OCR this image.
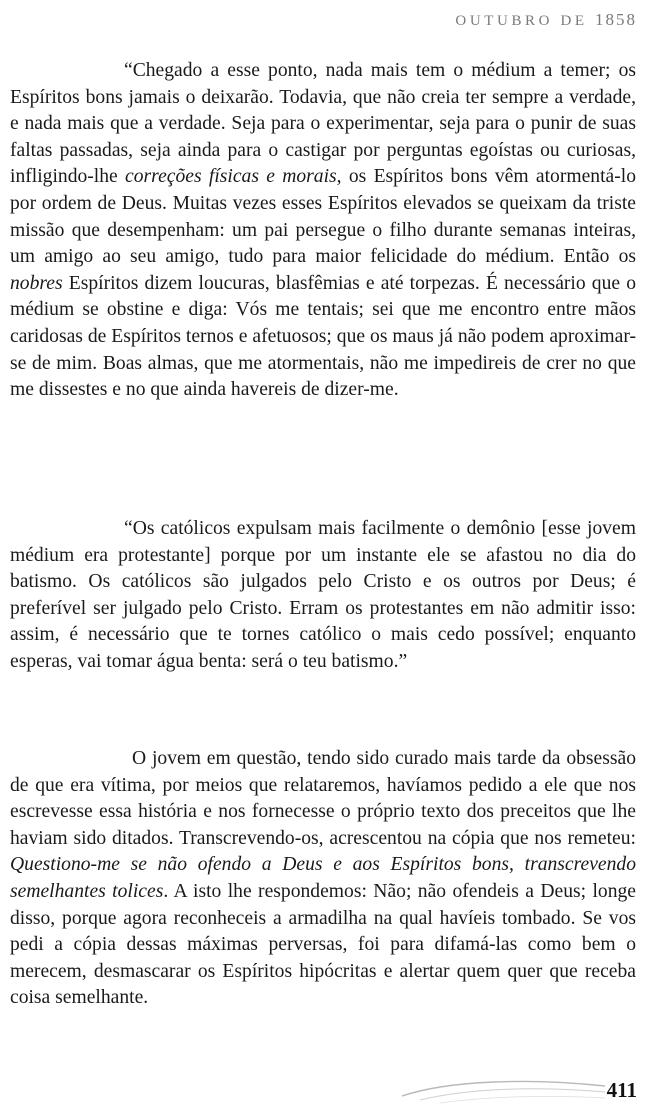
OUTUBRO DE 1858

“Chegado a esse ponto, nada mais tem o médium a temer; os Espíritos bons jamais o deixarão. Todavia, que não creia ter sempre a verdade, e nada mais que a verdade. Seja para o experimentar, seja para o punir de suas faltas passadas, seja ainda para o castigar por perguntas egoístas ou curiosas, infligindo-lhe correções físicas e morais, os Espíritos bons vêm atormentá-lo por ordem de Deus. Muitas vezes esses Espíritos elevados se queixam da triste missão que desempenham: um pai persegue o filho durante semanas inteiras, um amigo ao seu amigo, tudo para maior felicidade do médium. Então os nobres Espíritos dizem loucuras, blasfêmias e até torpezas. É necessário que o médium se obstine e diga: Vós me tentais; sei que me encontro entre mãos caridosas de Espíritos ternos e afetuosos; que os maus já não podem aproximar-se de mim. Boas almas, que me atormentais, não me impedireis de crer no que me dissestes e no que ainda havereis de dizer-me.

“Os católicos expulsam mais facilmente o demônio [esse jovem médium era protestante] porque por um instante ele se afastou no dia do batismo. Os católicos são julgados pelo Cristo e os outros por Deus; é preferível ser julgado pelo Cristo. Erram os protestantes em não admitir isso: assim, é necessário que te tornes católico o mais cedo possível; enquanto esperas, vai tomar água benta: será o teu batismo.”

O jovem em questão, tendo sido curado mais tarde da obsessão de que era vítima, por meios que relataremos, havíamos pedido a ele que nos escrevesse essa história e nos fornecesse o próprio texto dos preceitos que lhe haviam sido ditados. Transcrevendo-os, acrescentou na cópia que nos remeteu: Questiono-me se não ofendo a Deus e aos Espíritos bons, transcrevendo semelhantes tolices. A isto lhe respondemos: Não; não ofendeis a Deus; longe disso, porque agora reconheceis a armadilha na qual havíeis tombado. Se vos pedi a cópia dessas máximas perversas, foi para difamá-las como bem o merecem, desmascarar os Espíritos hipócritas e alertar quem quer que receba coisa semelhante.

411
